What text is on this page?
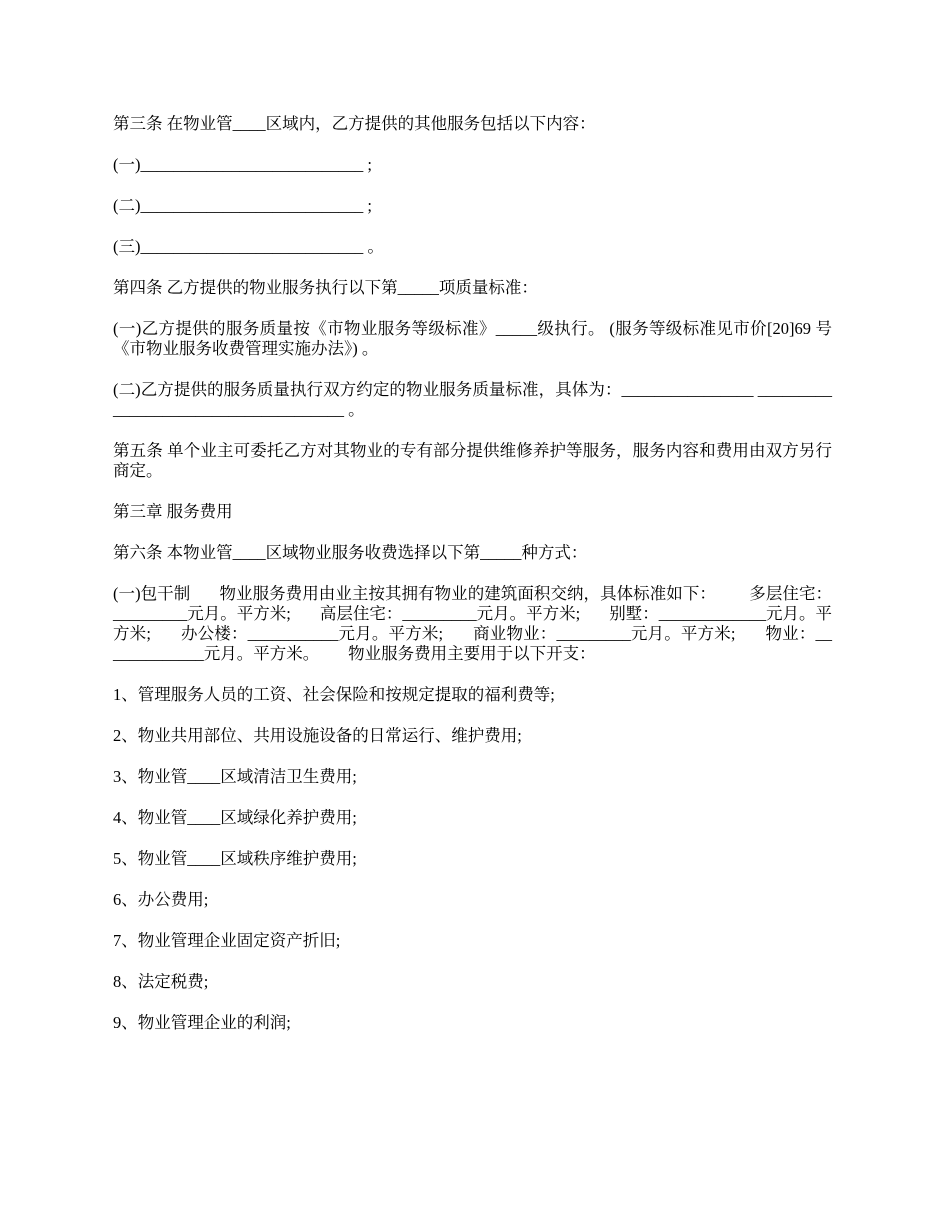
第三条 在物业管____区域内，乙方提供的其他服务包括以下内容：

(一)___________________________ ;

(二)___________________________ ;

(三)___________________________ 。

第四条 乙方提供的物业服务执行以下第_____项质量标准：

(一)乙方提供的服务质量按《市物业服务等级标准》_____级执行。 (服务等级标准见市价[20]69 号《市物业服务收费管理实施办法》) 。

(二)乙方提供的服务质量执行双方约定的物业服务质量标准，具体为：________________ _____________________________________ 。

第五条 单个业主可委托乙方对其物业的专有部分提供维修养护等服务，服务内容和费用由双方另行商定。

第三章 服务费用

第六条 本物业管____区域物业服务收费选择以下第_____种方式：

(一)包干制       物业服务费用由业主按其拥有物业的建筑面积交纳，具体标准如下：        多层住宅：_________元月。平方米;       高层住宅：_________元月。平方米;       别墅：_____________元月。平方米;       办公楼：___________元月。平方米;       商业物业：_________元月。平方米;       物业：_____________元月。平方米。       物业服务费用主要用于以下开支：

1、管理服务人员的工资、社会保险和按规定提取的福利费等;

2、物业共用部位、共用设施设备的日常运行、维护费用;

3、物业管____区域清洁卫生费用;

4、物业管____区域绿化养护费用;

5、物业管____区域秩序维护费用;

6、办公费用;

7、物业管理企业固定资产折旧;

8、法定税费;

9、物业管理企业的利润;
